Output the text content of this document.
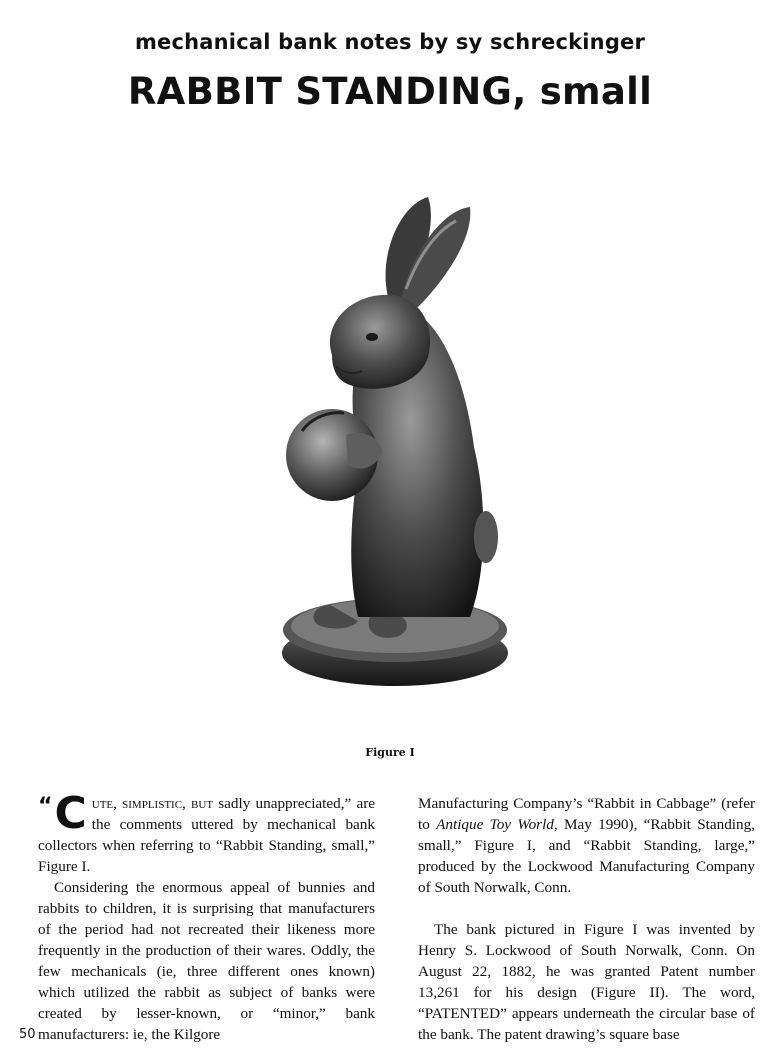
mechanical bank notes by sy schreckinger
RABBIT STANDING, small
Figure I

“C ute, simplistic, but sadly unappreciated,” are the comments uttered by mechanical bank collectors when referring to “Rabbit Standing, small,” Figure I.

Considering the enormous appeal of bunnies and rabbits to children, it is surprising that manufacturers of the period had not recreated their likeness more frequently in the production of their wares. Oddly, the few mechanicals (ie, three different ones known) which utilized the rabbit as subject of banks were created by lesser-known, or “minor,” bank manufacturers: ie, the Kilgore

Manufacturing Company’s “Rabbit in Cabbage” (refer to Antique Toy World, May 1990), “Rabbit Standing, small,” Figure I, and “Rabbit Standing, large,” produced by the Lockwood Manufacturing Company of South Norwalk, Conn.

The bank pictured in Figure I was invented by Henry S. Lockwood of South Norwalk, Conn. On August 22, 1882, he was granted Patent number 13,261 for his design (Figure II). The word, “PATENTED” appears underneath the circular base of the bank. The patent drawing’s square base

50
